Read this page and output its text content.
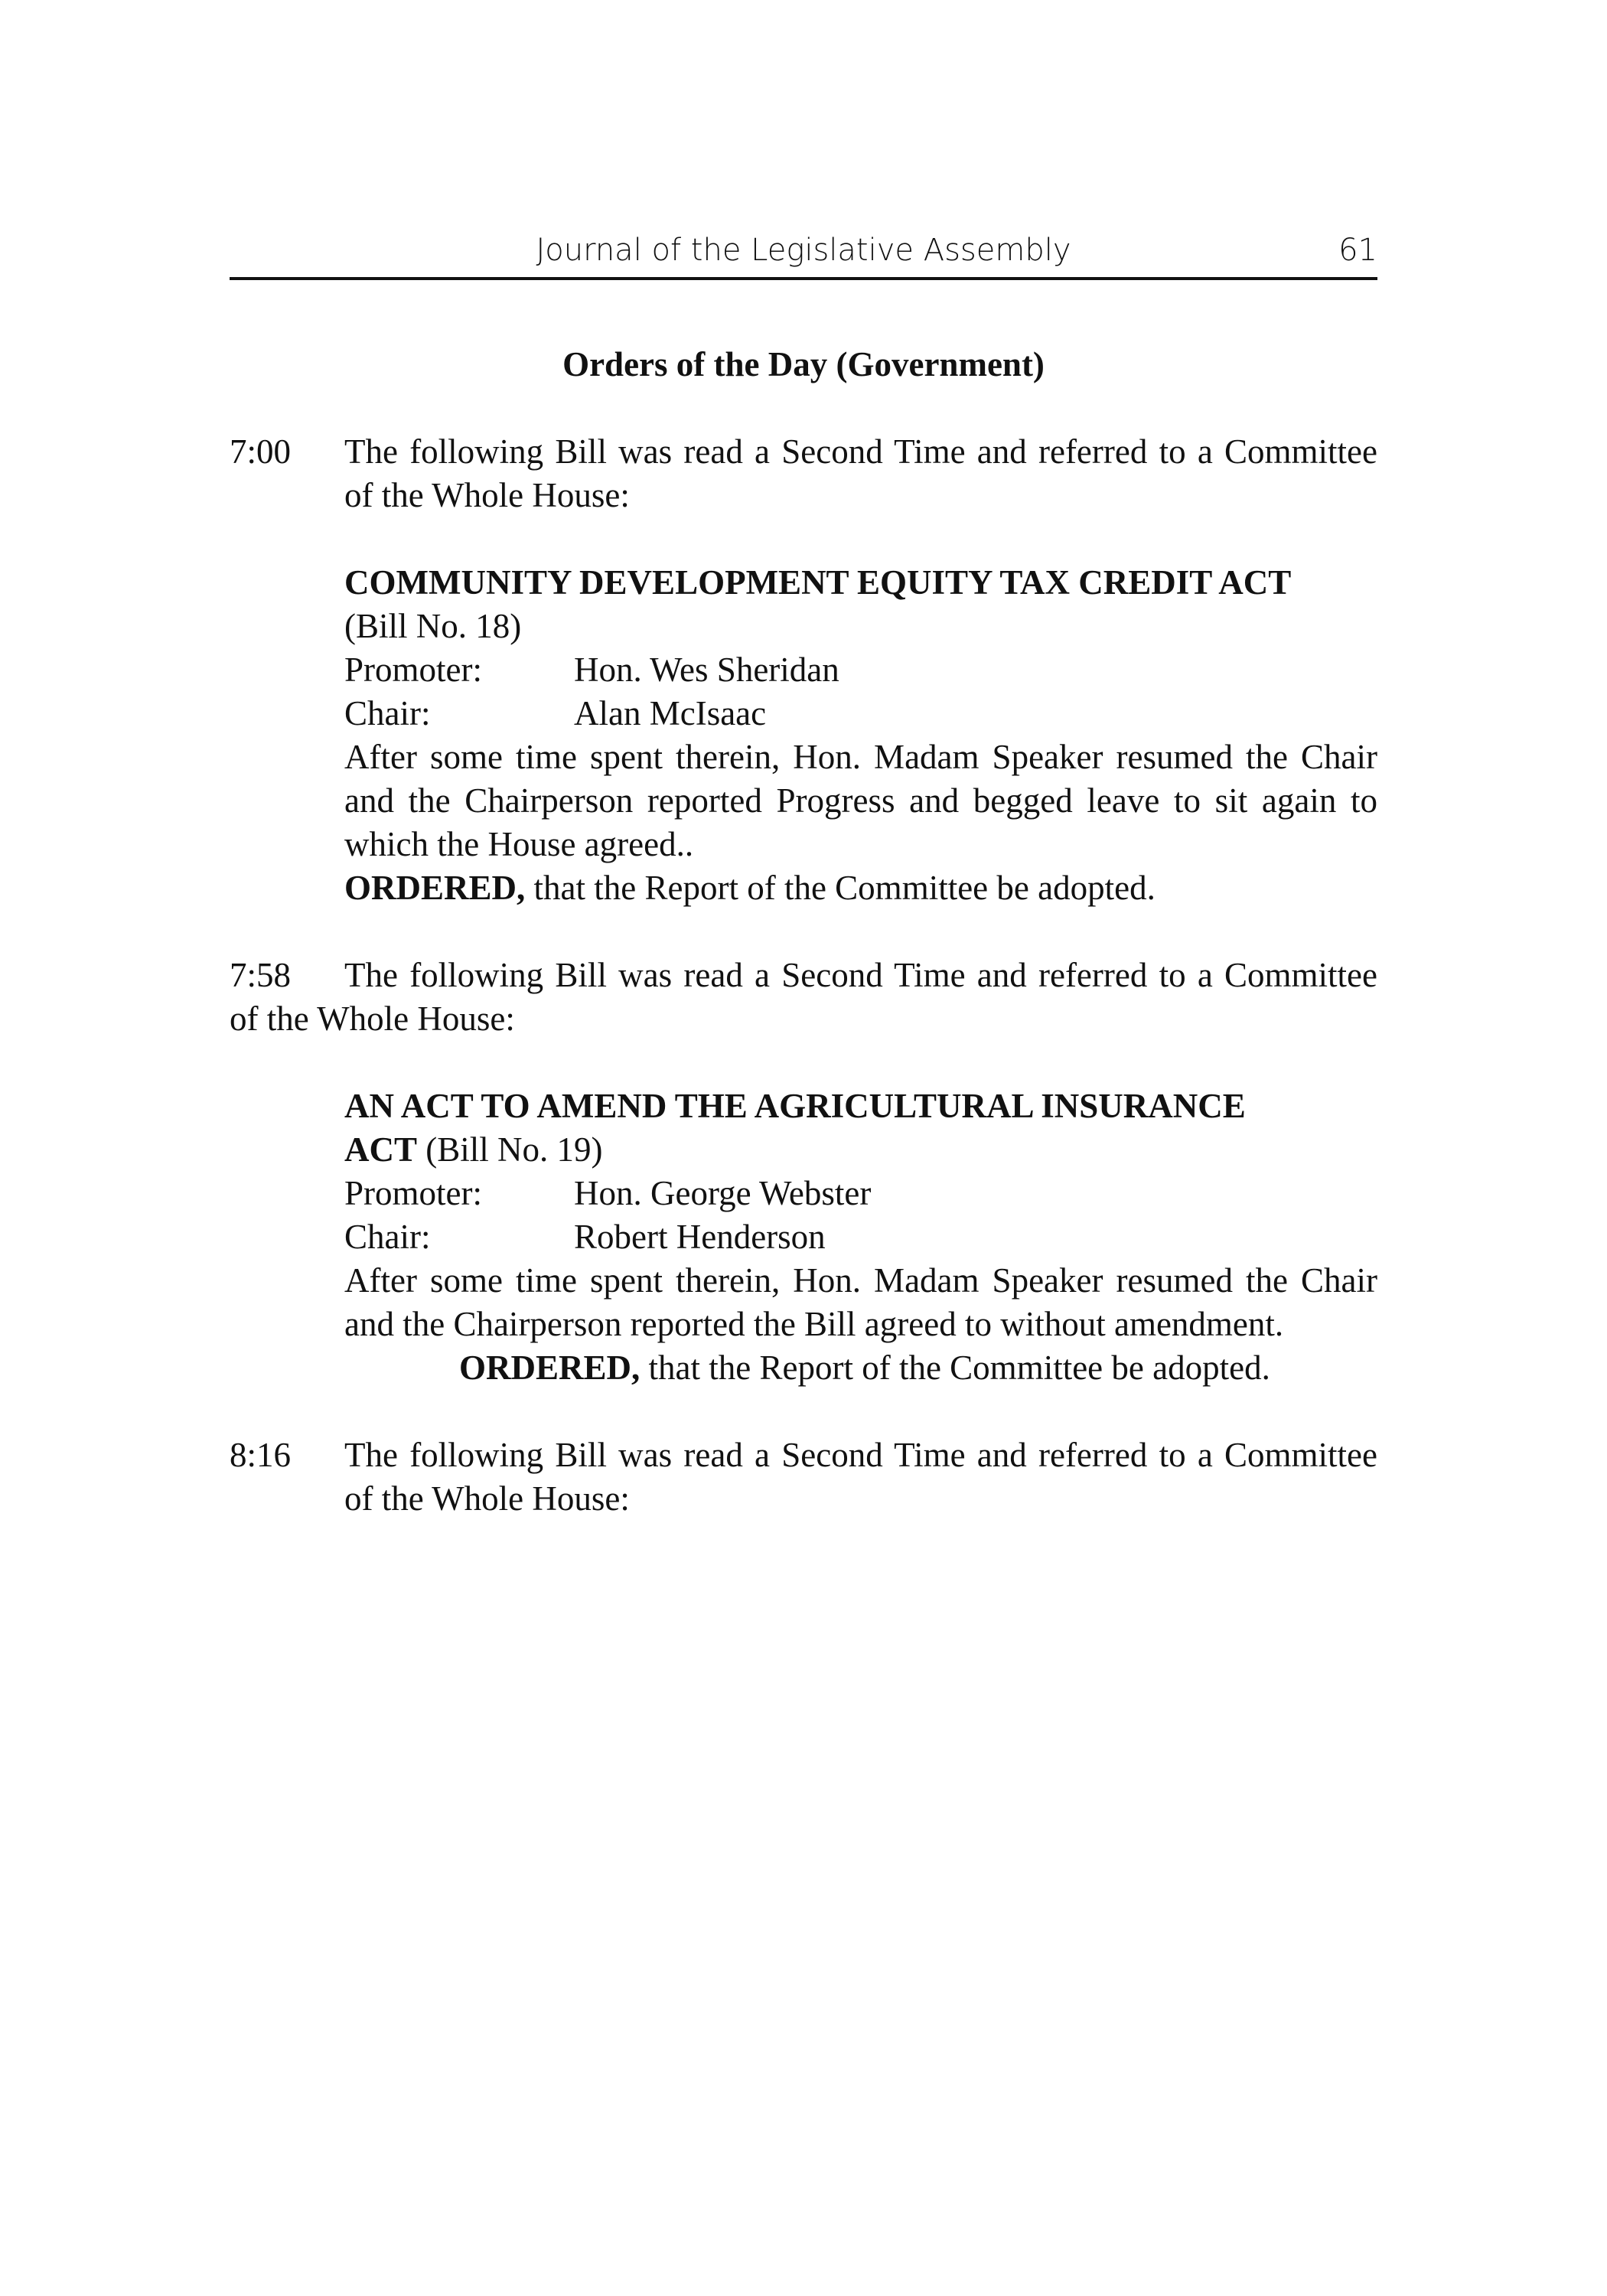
Journal of the Legislative Assembly	61
Orders of the Day (Government)
7:00 The following Bill was read a Second Time and referred to a Committee of the Whole House:

COMMUNITY DEVELOPMENT EQUITY TAX CREDIT ACT

(Bill No. 18)

Promoter:	Hon. Wes Sheridan
Chair:	Alan McIsaac

After some time spent therein, Hon. Madam Speaker resumed the Chair and the Chairperson reported Progress and begged leave to sit again to which the House agreed..

ORDERED, that the Report of the Committee be adopted.

7:58	The following Bill was read a Second Time and referred to a Committee of the Whole House:

AN ACT TO AMEND THE AGRICULTURAL INSURANCE

ACT (Bill No. 19)

Promoter:	Hon. George Webster
Chair:	Robert Henderson

After some time spent therein, Hon. Madam Speaker resumed the Chair and the Chairperson reported the Bill agreed to without amendment.

ORDERED, that the Report of the Committee be adopted.

8:16 The following Bill was read a Second Time and referred to a Committee of the Whole House:
